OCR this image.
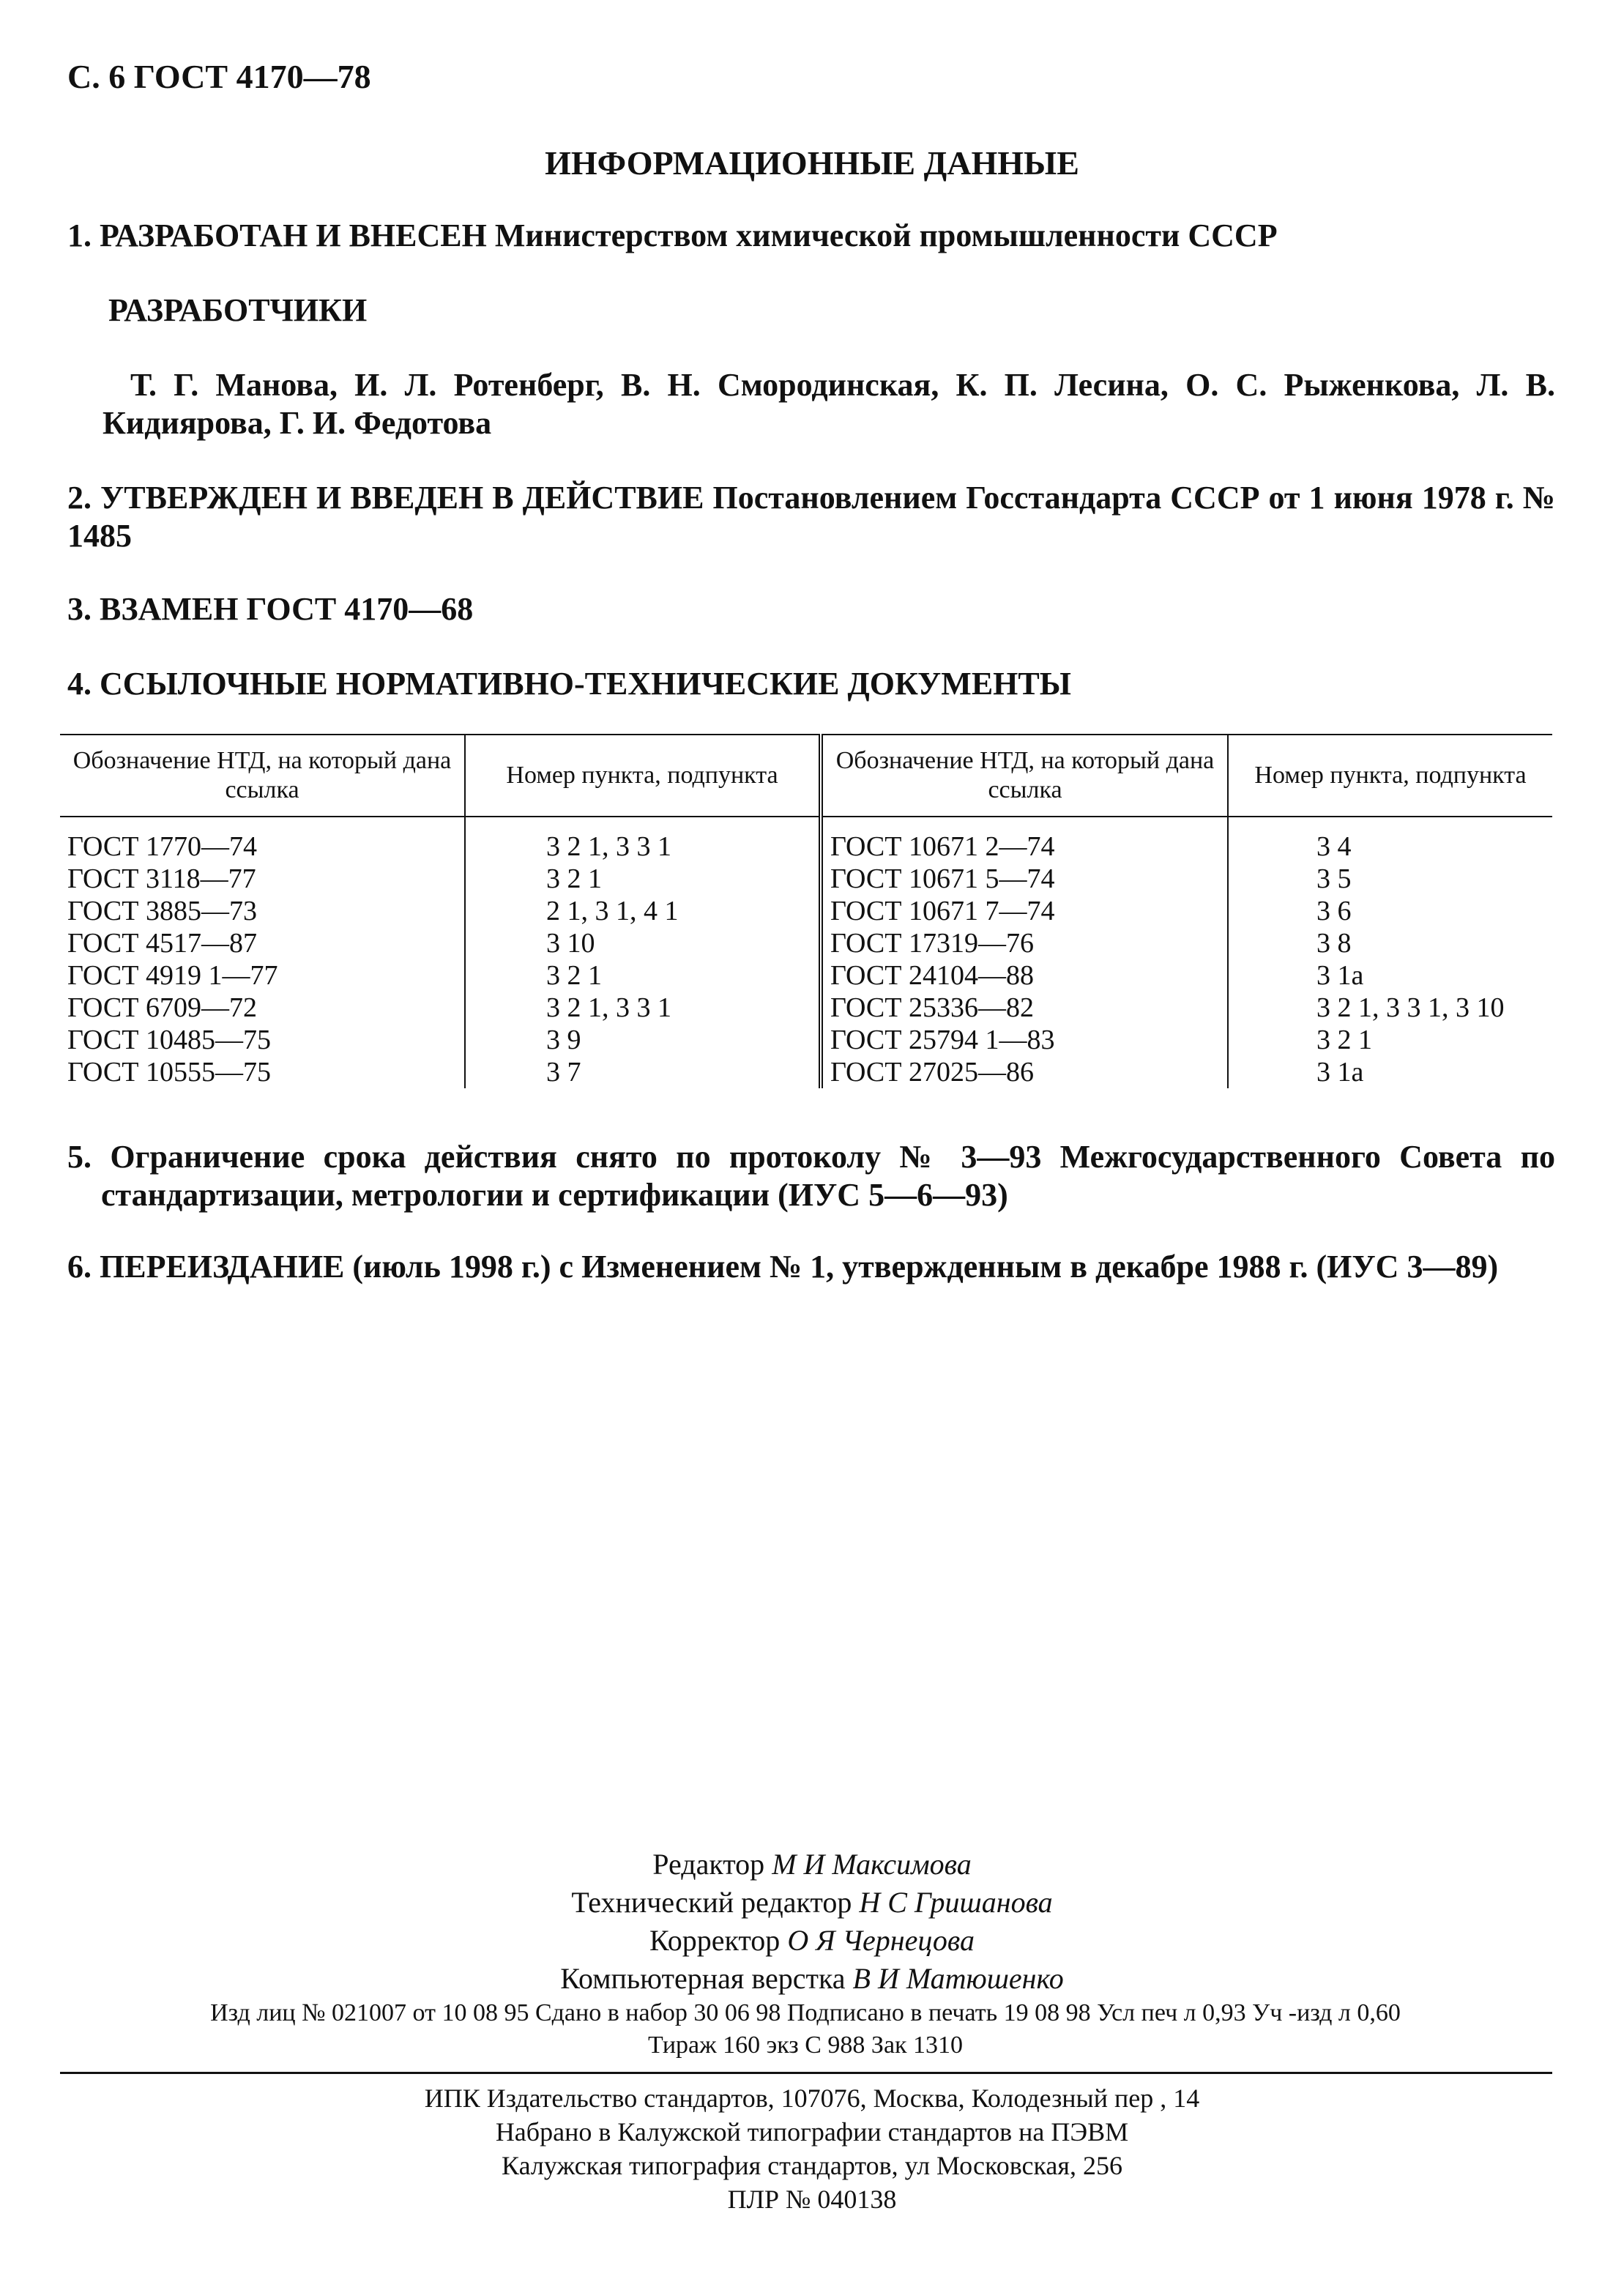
С. 6 ГОСТ 4170—78
ИНФОРМАЦИОННЫЕ ДАННЫЕ
1. РАЗРАБОТАН И ВНЕСЕН Министерством химической промышленности СССР
РАЗРАБОТЧИКИ
Т. Г. Манова, И. Л. Ротенберг, В. Н. Смородинская, К. П. Лесина, О. С. Рыженкова, Л. В. Кидиярова, Г. И. Федотова
2. УТВЕРЖДЕН И ВВЕДЕН В ДЕЙСТВИЕ Постановлением Госстандарта СССР от 1 июня 1978 г. № 1485
3. ВЗАМЕН ГОСТ 4170—68
4. ССЫЛОЧНЫЕ НОРМАТИВНО-ТЕХНИЧЕСКИЕ ДОКУМЕНТЫ
Обозначение НТД, на который дана ссылка	Номер пункта, подпункта	Обозначение НТД, на который дана ссылка	Номер пункта, подпункта
ГОСТ 1770—74	3 2 1, 3 3 1	ГОСТ 10671 2—74	3 4
ГОСТ 3118—77	3 2 1	ГОСТ 10671 5—74	3 5
ГОСТ 3885—73	2 1, 3 1, 4 1	ГОСТ 10671 7—74	3 6
ГОСТ 4517—87	3 10	ГОСТ 17319—76	3 8
ГОСТ 4919 1—77	3 2 1	ГОСТ 24104—88	3 1а
ГОСТ 6709—72	3 2 1, 3 3 1	ГОСТ 25336—82	3 2 1, 3 3 1, 3 10
ГОСТ 10485—75	3 9	ГОСТ 25794 1—83	3 2 1
ГОСТ 10555—75	3 7	ГОСТ 27025—86	3 1а
5. Ограничение срока действия снято по протоколу № 3—93 Межгосударственного Совета по стандартизации, метрологии и сертификации (ИУС 5—6—93)
6. ПЕРЕИЗДАНИЕ (июль 1998 г.) с Изменением № 1, утвержденным в декабре 1988 г. (ИУС 3—89)
Редактор М И Максимова
Технический редактор Н С Гришанова
Корректор О Я Чернецова
Компьютерная верстка В И Матюшенко
Изд лиц № 021007 от 10 08 95 Сдано в набор 30 06 98 Подписано в печать 19 08 98 Усл печ л 0,93 Уч -изд л 0,60
Тираж 160 экз С 988 Зак 1310
ИПК Издательство стандартов, 107076, Москва, Колодезный пер , 14
Набрано в Калужской типографии стандартов на ПЭВМ
Калужская типография стандартов, ул Московская, 256
ПЛР № 040138
